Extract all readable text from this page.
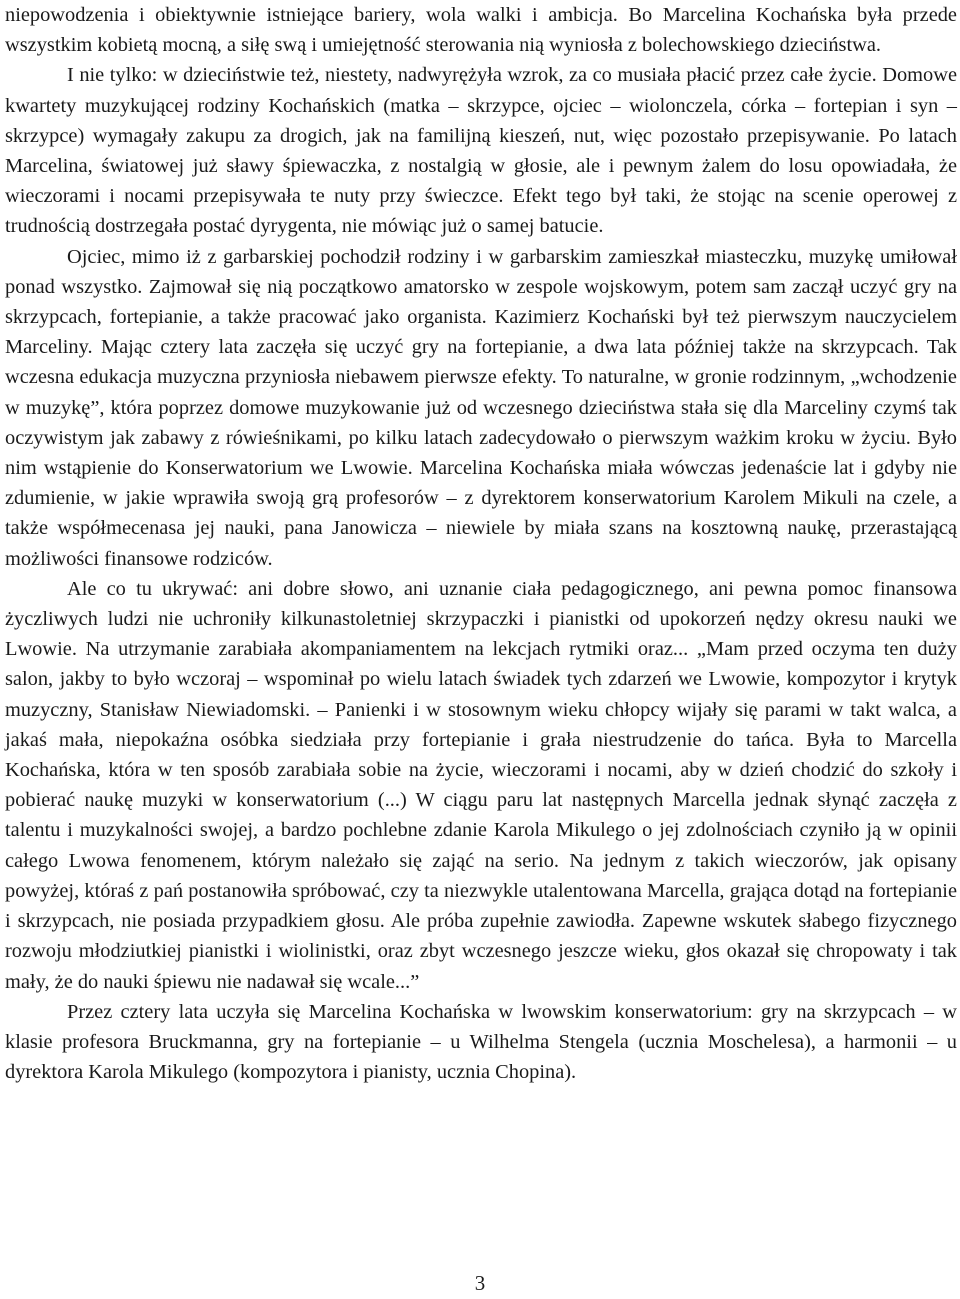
niepowodzenia i obiektywnie istniejące bariery, wola walki i ambicja. Bo Marcelina Kochańska była przede wszystkim kobietą mocną, a siłę swą i umiejętność sterowania nią wyniosła z bolechowskiego dzieciństwa.

I nie tylko: w dzieciństwie też, niestety, nadwyrężyła wzrok, za co musiała płacić przez całe życie. Domowe kwartety muzykującej rodziny Kochańskich (matka – skrzypce, ojciec – wiolonczela, córka – fortepian i syn – skrzypce) wymagały zakupu za drogich, jak na familijną kieszeń, nut, więc pozostało przepisywanie. Po latach Marcelina, światowej już sławy śpiewaczka, z nostalgią w głosie, ale i pewnym żalem do losu opowiadała, że wieczorami i nocami przepisywała te nuty przy świeczce. Efekt tego był taki, że stojąc na scenie operowej z trudnością dostrzegała postać dyrygenta, nie mówiąc już o samej batucie.

Ojciec, mimo iż z garbarskiej pochodził rodziny i w garbarskim zamieszkał miasteczku, muzykę umiłował ponad wszystko. Zajmował się nią początkowo amatorsko w zespole wojskowym, potem sam zaczął uczyć gry na skrzypcach, fortepianie, a także pracować jako organista. Kazimierz Kochański był też pierwszym nauczycielem Marceliny. Mając cztery lata zaczęła się uczyć gry na fortepianie, a dwa lata później także na skrzypcach. Tak wczesna edukacja muzyczna przyniosła niebawem pierwsze efekty. To naturalne, w gronie rodzinnym, „wchodzenie w muzykę”, która poprzez domowe muzykowanie już od wczesnego dzieciństwa stała się dla Marceliny czymś tak oczywistym jak zabawy z rówieśnikami, po kilku latach zadecydowało o pierwszym ważkim kroku w życiu. Było nim wstąpienie do Konserwatorium we Lwowie. Marcelina Kochańska miała wówczas jedenaście lat i gdyby nie zdumienie, w jakie wprawiła swoją grą profesorów – z dyrektorem konserwatorium Karolem Mikuli na czele, a także współmecenasa jej nauki, pana Janowicza – niewiele by miała szans na kosztowną naukę, przerastającą możliwości finansowe rodziców.

Ale co tu ukrywać: ani dobre słowo, ani uznanie ciała pedagogicznego, ani pewna pomoc finansowa życzliwych ludzi nie uchroniły kilkunastoletniej skrzypaczki i pianistki od upokorzeń nędzy okresu nauki we Lwowie. Na utrzymanie zarabiała akompaniamentem na lekcjach rytmiki oraz... „Mam przed oczyma ten duży salon, jakby to było wczoraj – wspominał po wielu latach świadek tych zdarzeń we Lwowie, kompozytor i krytyk muzyczny, Stanisław Niewiadomski. – Panienki i w stosownym wieku chłopcy wijały się parami w takt walca, a jakaś mała, niepokaźna osóbka siedziała przy fortepianie i grała niestrudzenie do tańca. Była to Marcella Kochańska, która w ten sposób zarabiała sobie na życie, wieczorami i nocami, aby w dzień chodzić do szkoły i pobierać naukę muzyki w konserwatorium (...) W ciągu paru lat następnych Marcella jednak słynąć zaczęła z talentu i muzykalności swojej, a bardzo pochlebne zdanie Karola Mikulego o jej zdolnościach czyniło ją w opinii całego Lwowa fenomenem, którym należało się zająć na serio. Na jednym z takich wieczorów, jak opisany powyżej, któraś z pań postanowiła spróbować, czy ta niezwykle utalentowana Marcella, grająca dotąd na fortepianie i skrzypcach, nie posiada przypadkiem głosu. Ale próba zupełnie zawiodła. Zapewne wskutek słabego fizycznego rozwoju młodziutkiej pianistki i wiolinistki, oraz zbyt wczesnego jeszcze wieku, głos okazał się chropowaty i tak mały, że do nauki śpiewu nie nadawał się wcale...”

Przez cztery lata uczyła się Marcelina Kochańska w lwowskim konserwatorium: gry na skrzypcach – w klasie profesora Bruckmanna, gry na fortepianie – u Wilhelma Stengela (ucznia Moschelesa), a harmonii – u dyrektora Karola Mikulego (kompozytora i pianisty, ucznia Chopina).

3
